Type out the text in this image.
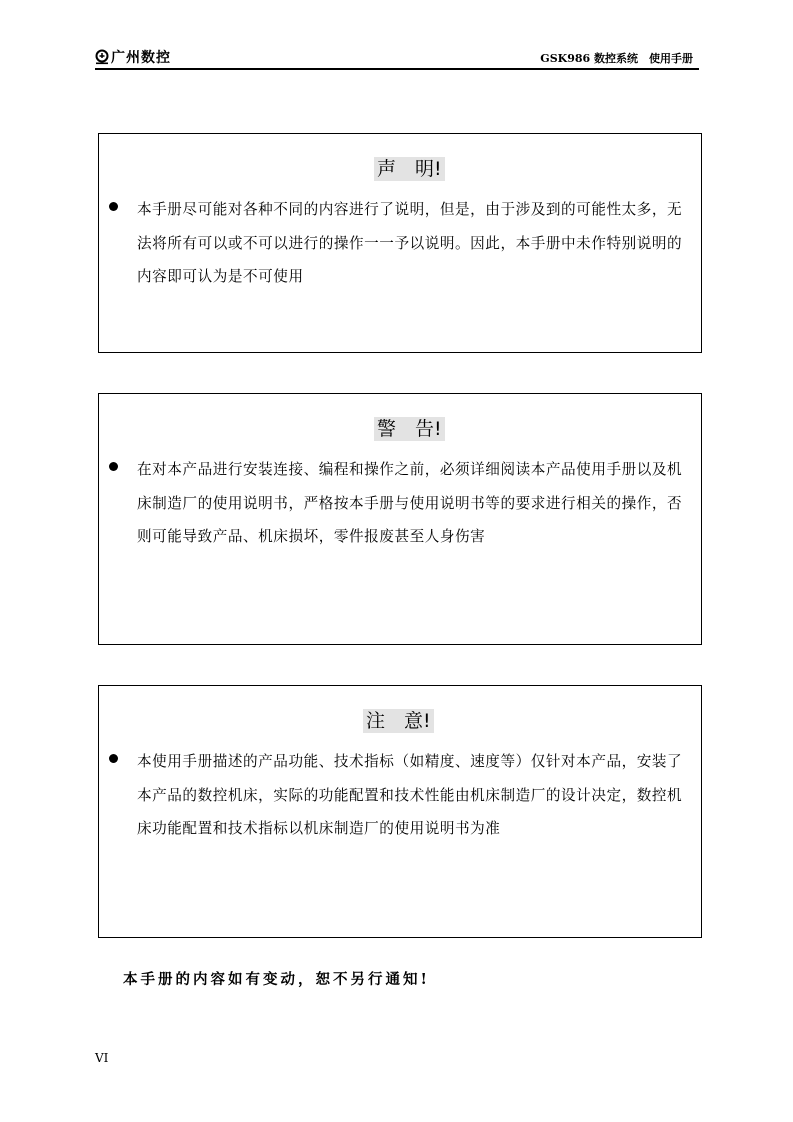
广州数控	GSK986 数控系统　使用手册
声　明!
本手册尽可能对各种不同的内容进行了说明，但是，由于涉及到的可能性太多，无法将所有可以或不可以进行的操作一一予以说明。因此，本手册中未作特别说明的内容即可认为是不可使用
警　告!
在对本产品进行安装连接、编程和操作之前，必须详细阅读本产品使用手册以及机床制造厂的使用说明书，严格按本手册与使用说明书等的要求进行相关的操作，否则可能导致产品、机床损坏，零件报废甚至人身伤害
注　意!
本使用手册描述的产品功能、技术指标（如精度、速度等）仅针对本产品，安装了本产品的数控机床，实际的功能配置和技术性能由机床制造厂的设计决定，数控机床功能配置和技术指标以机床制造厂的使用说明书为准
本手册的内容如有变动，恕不另行通知!
VI
